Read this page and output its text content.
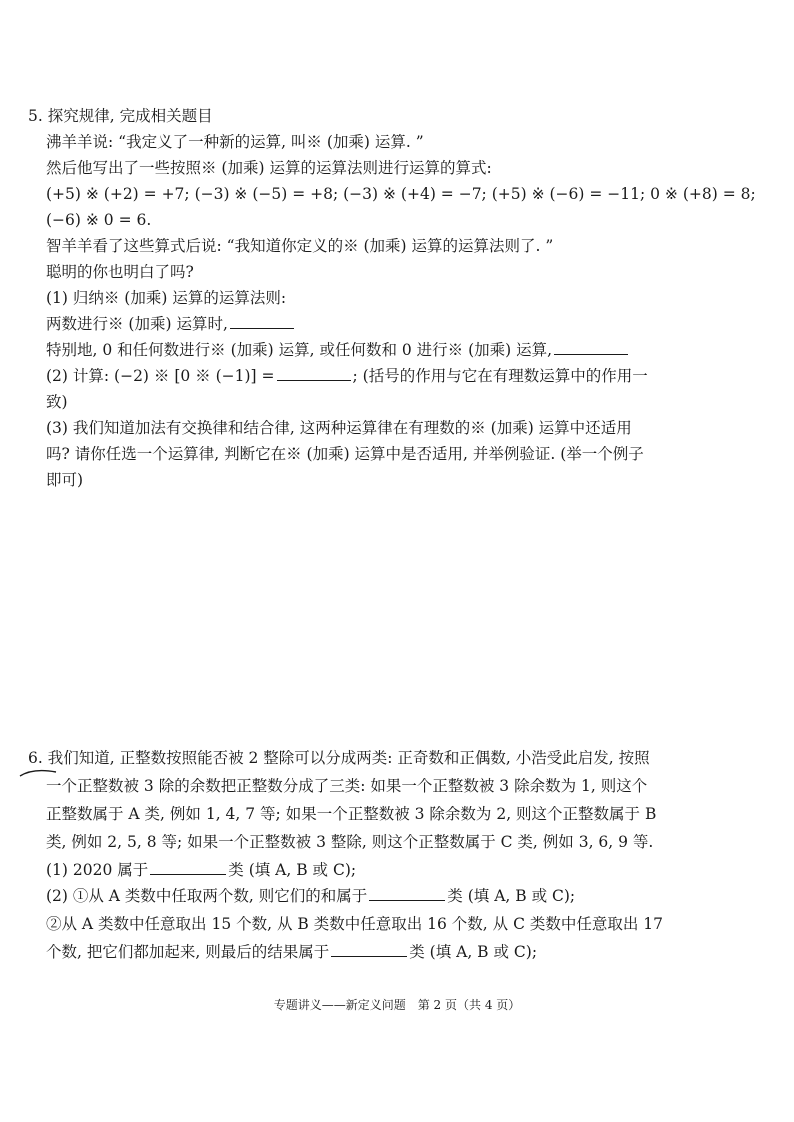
5. 探究规律, 完成相关题目
沸羊羊说: “我定义了一种新的运算, 叫※ (加乘) 运算. ”
然后他写出了一些按照※ (加乘) 运算的运算法则进行运算的算式:
(+5) ※ (+2) = +7; (−3) ※ (−5) = +8; (−3) ※ (+4) = −7; (+5) ※ (−6) = −11; 0 ※ (+8) = 8;
(−6) ※ 0 = 6.
智羊羊看了这些算式后说: “我知道你定义的※ (加乘) 运算的运算法则了. ”
聪明的你也明白了吗?
(1) 归纳※ (加乘) 运算的运算法则:
两数进行※ (加乘) 运算时,
特别地, 0 和任何数进行※ (加乘) 运算, 或任何数和 0 进行※ (加乘) 运算,
(2) 计算: (−2) ※ [0 ※ (−1)] =	; (括号的作用与它在有理数运算中的作用一
致)
(3) 我们知道加法有交换律和结合律, 这两种运算律在有理数的※ (加乘) 运算中还适用
吗? 请你任选一个运算律, 判断它在※ (加乘) 运算中是否适用, 并举例验证. (举一个例子
即可)
6. 我们知道, 正整数按照能否被 2 整除可以分成两类: 正奇数和正偶数, 小浩受此启发, 按照
一个正整数被 3 除的余数把正整数分成了三类: 如果一个正整数被 3 除余数为 1, 则这个
正整数属于 A 类, 例如 1, 4, 7 等; 如果一个正整数被 3 除余数为 2, 则这个正整数属于 B
类, 例如 2, 5, 8 等; 如果一个正整数被 3 整除, 则这个正整数属于 C 类, 例如 3, 6, 9 等.
(1) 2020 属于	类 (填 A, B 或 C);
(2) ①从 A 类数中任取两个数, 则它们的和属于	类 (填 A, B 或 C);
②从 A 类数中任意取出 15 个数, 从 B 类数中任意取出 16 个数, 从 C 类数中任意取出 17
个数, 把它们都加起来, 则最后的结果属于	类 (填 A, B 或 C);
专题讲义——新定义问题 第 2 页（共 4 页）
